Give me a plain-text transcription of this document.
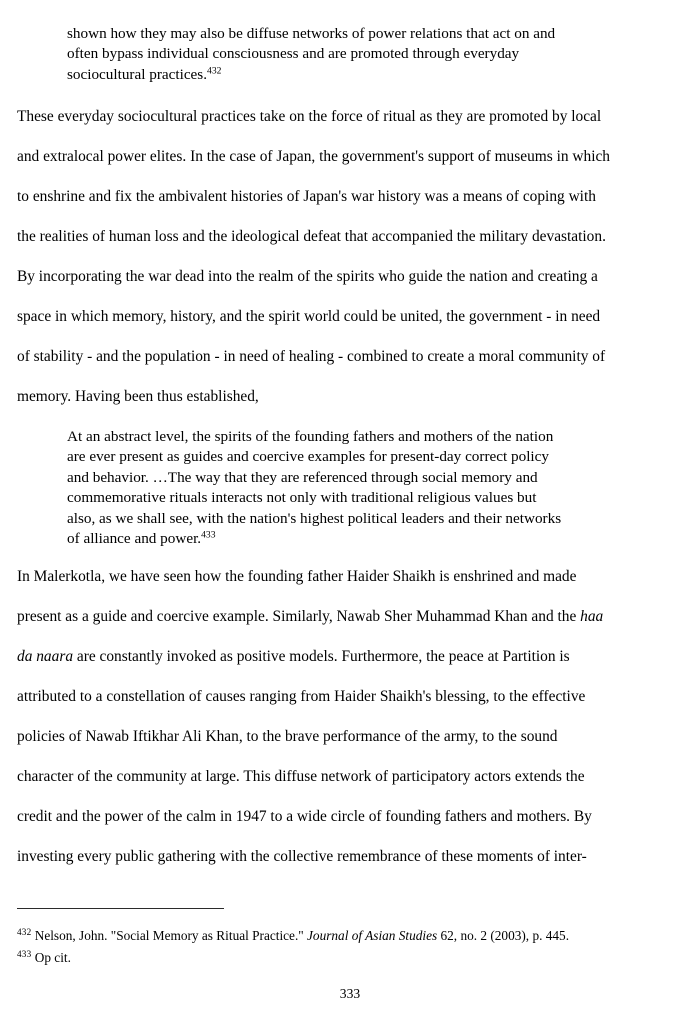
shown how they may also be diffuse networks of power relations that act on and
often bypass individual consciousness and are promoted through everyday
sociocultural practices.$^{432}$
These everyday sociocultural practices take on the force of ritual as they are promoted by local
and extralocal power elites. In the case of Japan, the government's support of museums in which
to enshrine and fix the ambivalent histories of Japan's war history was a means of coping with
the realities of human loss and the ideological defeat that accompanied the military devastation.
By incorporating the war dead into the realm of the spirits who guide the nation and creating a
space in which memory, history, and the spirit world could be united, the government - in need
of stability - and the population - in need of healing - combined to create a moral community of
memory. Having been thus established,
At an abstract level, the spirits of the founding fathers and mothers of the nation
are ever present as guides and coercive examples for present-day correct policy
and behavior. …The way that they are referenced through social memory and
commemorative rituals interacts not only with traditional religious values but
also, as we shall see, with the nation's highest political leaders and their networks
of alliance and power.$^{433}$
In Malerkotla, we have seen how the founding father Haider Shaikh is enshrined and made
present as a guide and coercive example. Similarly, Nawab Sher Muhammad Khan and the haa
da naara are constantly invoked as positive models. Furthermore, the peace at Partition is
attributed to a constellation of causes ranging from Haider Shaikh's blessing, to the effective
policies of Nawab Iftikhar Ali Khan, to the brave performance of the army, to the sound
character of the community at large. This diffuse network of participatory actors extends the
credit and the power of the calm in 1947 to a wide circle of founding fathers and mothers. By
investing every public gathering with the collective remembrance of these moments of inter-
$^{432}$ Nelson, John. "Social Memory as Ritual Practice." Journal of Asian Studies 62, no. 2 (2003), p. 445.
$^{433}$ Op cit.
333
